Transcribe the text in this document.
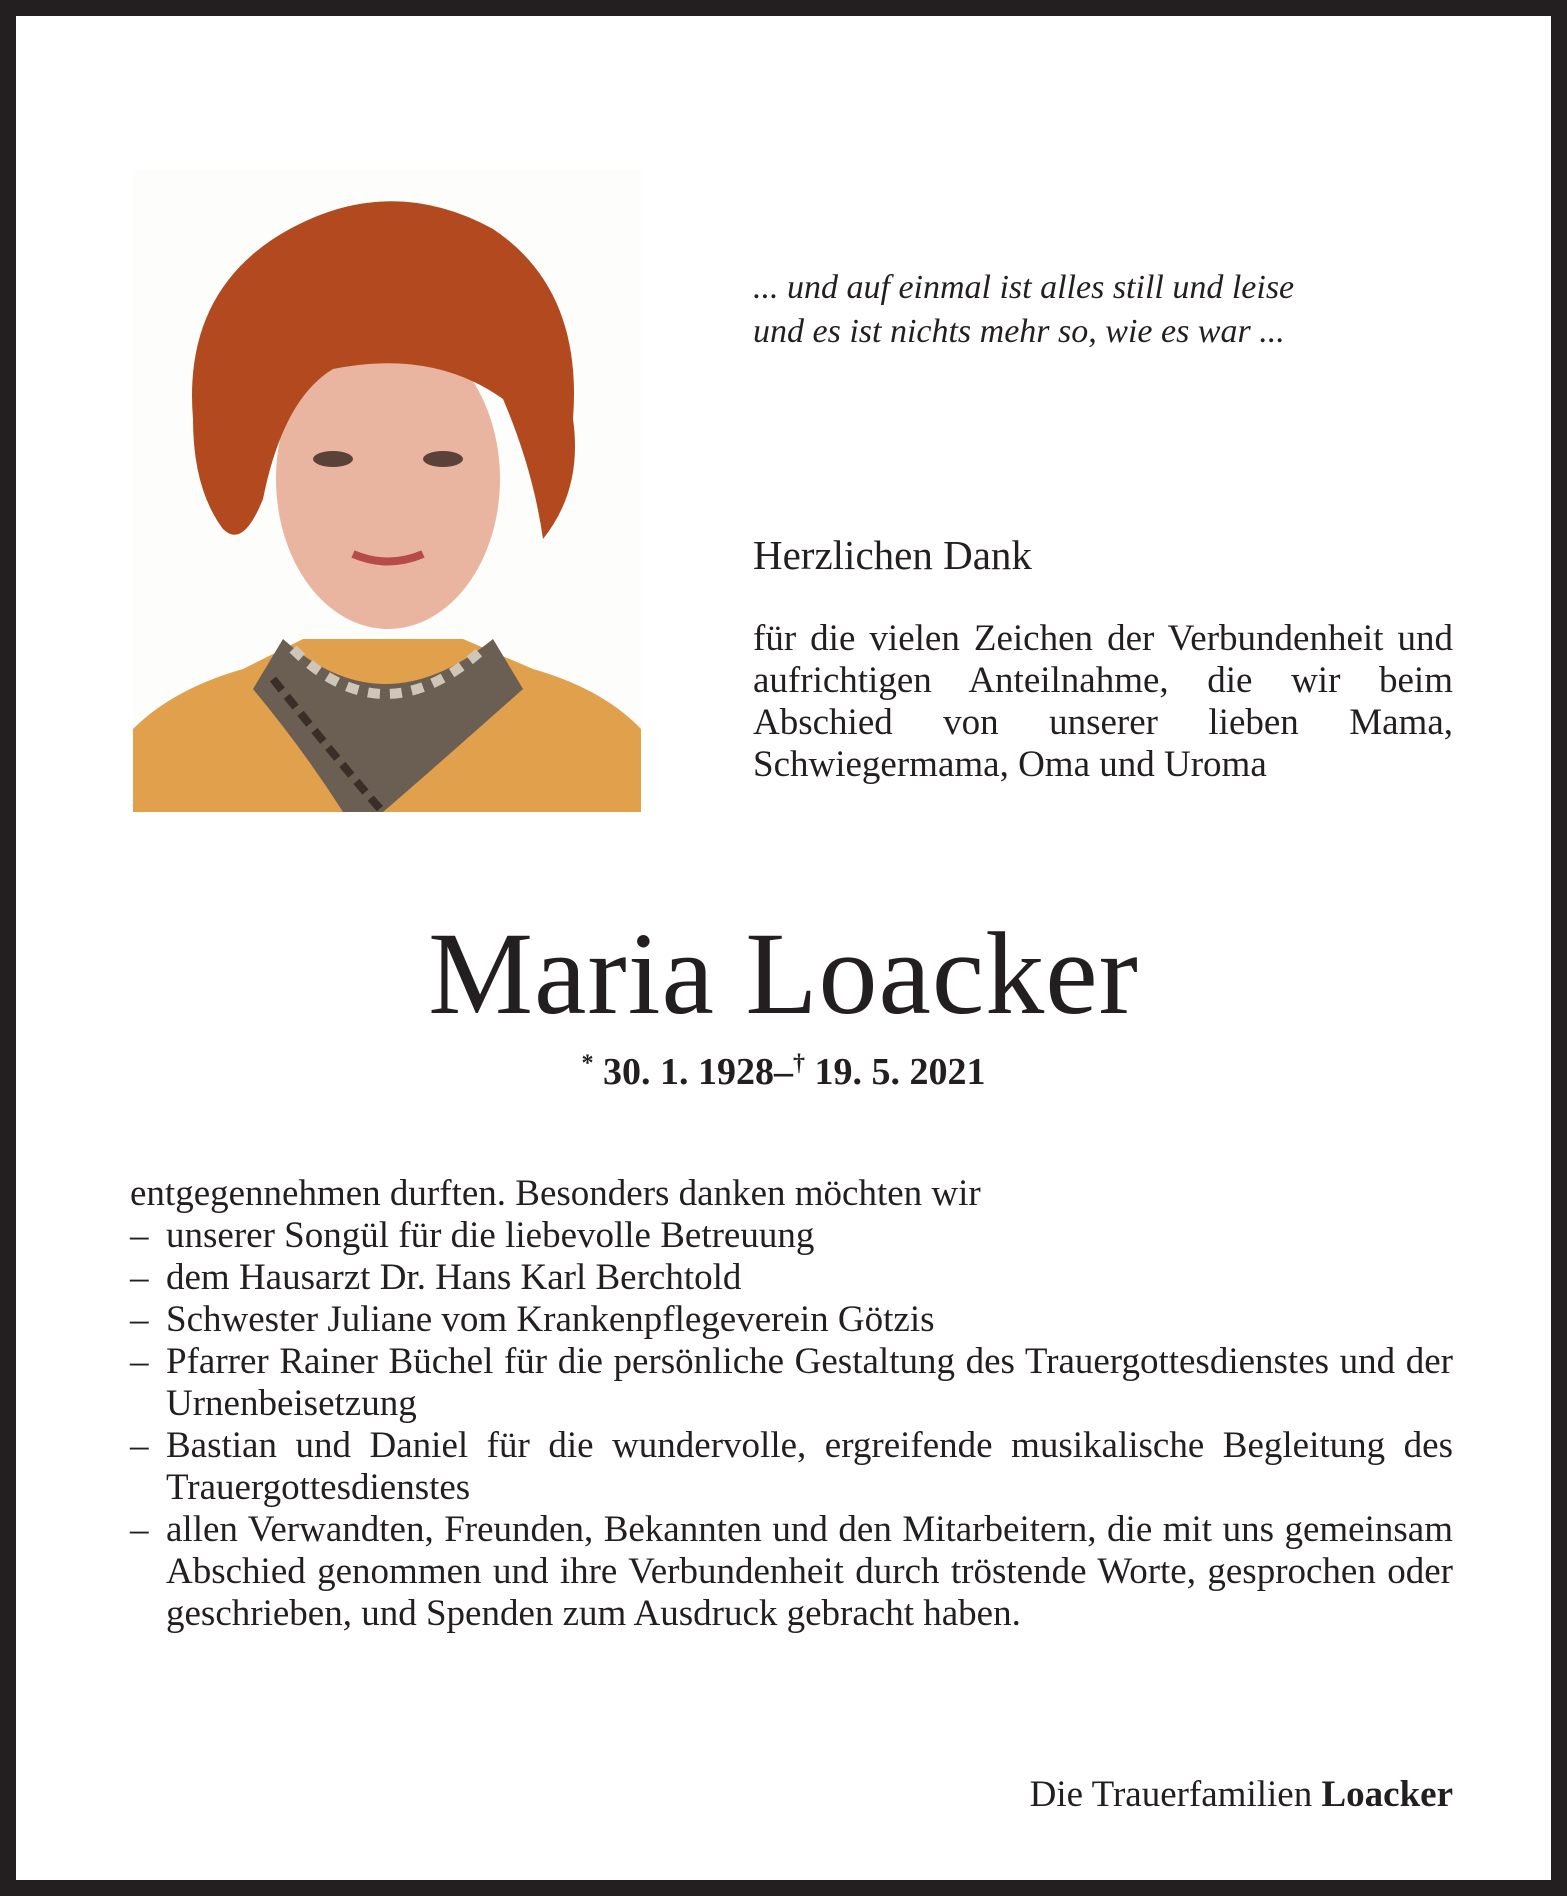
... und auf einmal ist alles still und leise
und es ist nichts mehr so, wie es war ...
Herzlichen Dank
für die vielen Zeichen der Verbundenheit und aufrichtigen Anteilnahme, die wir beim Abschied von unserer lieben Mama, Schwiegermama, Oma und Uroma
Maria Loacker
* 30. 1. 1928–† 19. 5. 2021
entgegennehmen durften. Besonders danken möchten wir
– unserer Songül für die liebevolle Betreuung
– dem Hausarzt Dr. Hans Karl Berchtold
– Schwester Juliane vom Krankenpflegeverein Götzis
– Pfarrer Rainer Büchel für die persönliche Gestaltung des Trauergottesdienstes und der Urnenbeisetzung
– Bastian und Daniel für die wundervolle, ergreifende musikalische Begleitung des Trauergottesdienstes
– allen Verwandten, Freunden, Bekannten und den Mitarbeitern, die mit uns gemeinsam Abschied genommen und ihre Verbundenheit durch tröstende Worte, gesprochen oder geschrieben, und Spenden zum Ausdruck gebracht haben.
Die Trauerfamilien Loacker
